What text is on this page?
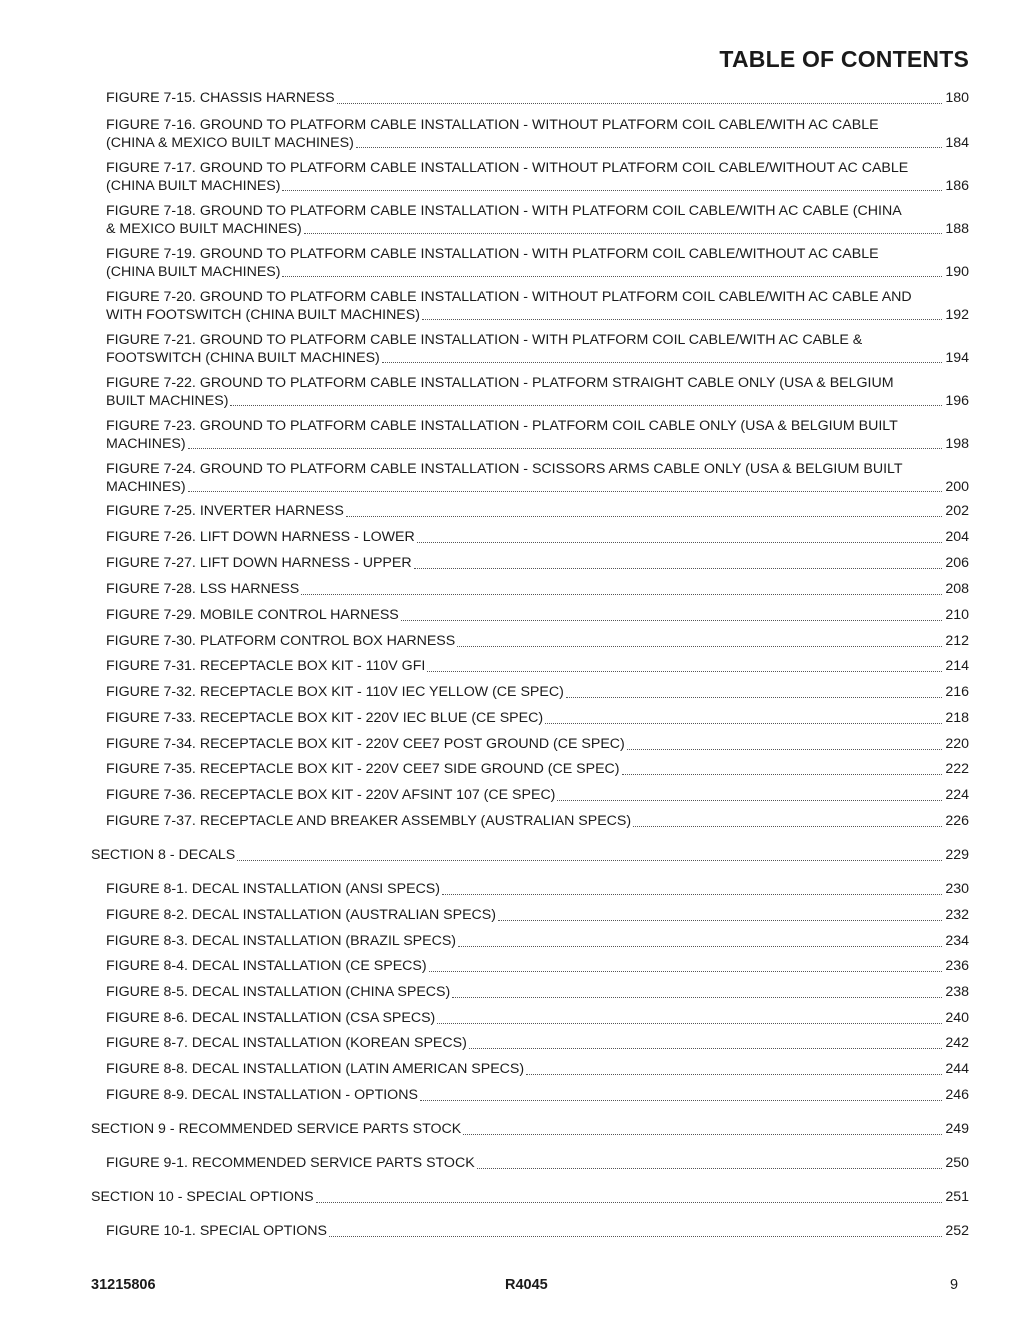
TABLE OF CONTENTS
FIGURE 7-15. CHASSIS HARNESS	180
FIGURE 7-16. GROUND TO PLATFORM CABLE INSTALLATION - WITHOUT PLATFORM COIL CABLE/WITH AC CABLE
(CHINA & MEXICO BUILT MACHINES)	184
FIGURE 7-17. GROUND TO PLATFORM CABLE INSTALLATION - WITHOUT PLATFORM COIL CABLE/WITHOUT AC CABLE
(CHINA BUILT MACHINES)	186
FIGURE 7-18. GROUND TO PLATFORM CABLE INSTALLATION - WITH PLATFORM COIL CABLE/WITH AC CABLE (CHINA
& MEXICO BUILT MACHINES)	188
FIGURE 7-19. GROUND TO PLATFORM CABLE INSTALLATION - WITH PLATFORM COIL CABLE/WITHOUT AC CABLE
(CHINA BUILT MACHINES)	190
FIGURE 7-20. GROUND TO PLATFORM CABLE INSTALLATION - WITHOUT PLATFORM COIL CABLE/WITH AC CABLE AND
WITH FOOTSWITCH (CHINA BUILT MACHINES)	192
FIGURE 7-21. GROUND TO PLATFORM CABLE INSTALLATION - WITH PLATFORM COIL CABLE/WITH AC CABLE &
FOOTSWITCH (CHINA BUILT MACHINES)	194
FIGURE 7-22. GROUND TO PLATFORM CABLE INSTALLATION - PLATFORM STRAIGHT CABLE ONLY (USA & BELGIUM
BUILT MACHINES)	196
FIGURE 7-23. GROUND TO PLATFORM CABLE INSTALLATION - PLATFORM COIL CABLE ONLY (USA & BELGIUM BUILT
MACHINES)	198
FIGURE 7-24. GROUND TO PLATFORM CABLE INSTALLATION - SCISSORS ARMS CABLE ONLY (USA & BELGIUM BUILT
MACHINES)	200
FIGURE 7-25. INVERTER HARNESS	202
FIGURE 7-26. LIFT DOWN HARNESS - LOWER	204
FIGURE 7-27. LIFT DOWN HARNESS - UPPER	206
FIGURE 7-28. LSS HARNESS	208
FIGURE 7-29. MOBILE CONTROL HARNESS	210
FIGURE 7-30. PLATFORM CONTROL BOX HARNESS	212
FIGURE 7-31. RECEPTACLE BOX KIT - 110V GFI	214
FIGURE 7-32. RECEPTACLE BOX KIT - 110V IEC YELLOW (CE SPEC)	216
FIGURE 7-33. RECEPTACLE BOX KIT - 220V IEC BLUE (CE SPEC)	218
FIGURE 7-34. RECEPTACLE BOX KIT - 220V CEE7 POST GROUND (CE SPEC)	220
FIGURE 7-35. RECEPTACLE BOX KIT - 220V CEE7 SIDE GROUND (CE SPEC)	222
FIGURE 7-36. RECEPTACLE BOX KIT - 220V AFSINT 107 (CE SPEC)	224
FIGURE 7-37. RECEPTACLE AND BREAKER ASSEMBLY (AUSTRALIAN SPECS)	226
SECTION 8 - DECALS	229
FIGURE 8-1. DECAL INSTALLATION (ANSI SPECS)	230
FIGURE 8-2. DECAL INSTALLATION (AUSTRALIAN SPECS)	232
FIGURE 8-3. DECAL INSTALLATION (BRAZIL SPECS)	234
FIGURE 8-4. DECAL INSTALLATION (CE SPECS)	236
FIGURE 8-5. DECAL INSTALLATION (CHINA SPECS)	238
FIGURE 8-6. DECAL INSTALLATION (CSA SPECS)	240
FIGURE 8-7. DECAL INSTALLATION (KOREAN SPECS)	242
FIGURE 8-8. DECAL INSTALLATION (LATIN AMERICAN SPECS)	244
FIGURE 8-9. DECAL INSTALLATION - OPTIONS	246
SECTION 9 - RECOMMENDED SERVICE PARTS STOCK	249
FIGURE 9-1. RECOMMENDED SERVICE PARTS STOCK	250
SECTION 10 - SPECIAL OPTIONS	251
FIGURE 10-1. SPECIAL OPTIONS	252
31215806	R4045	9
